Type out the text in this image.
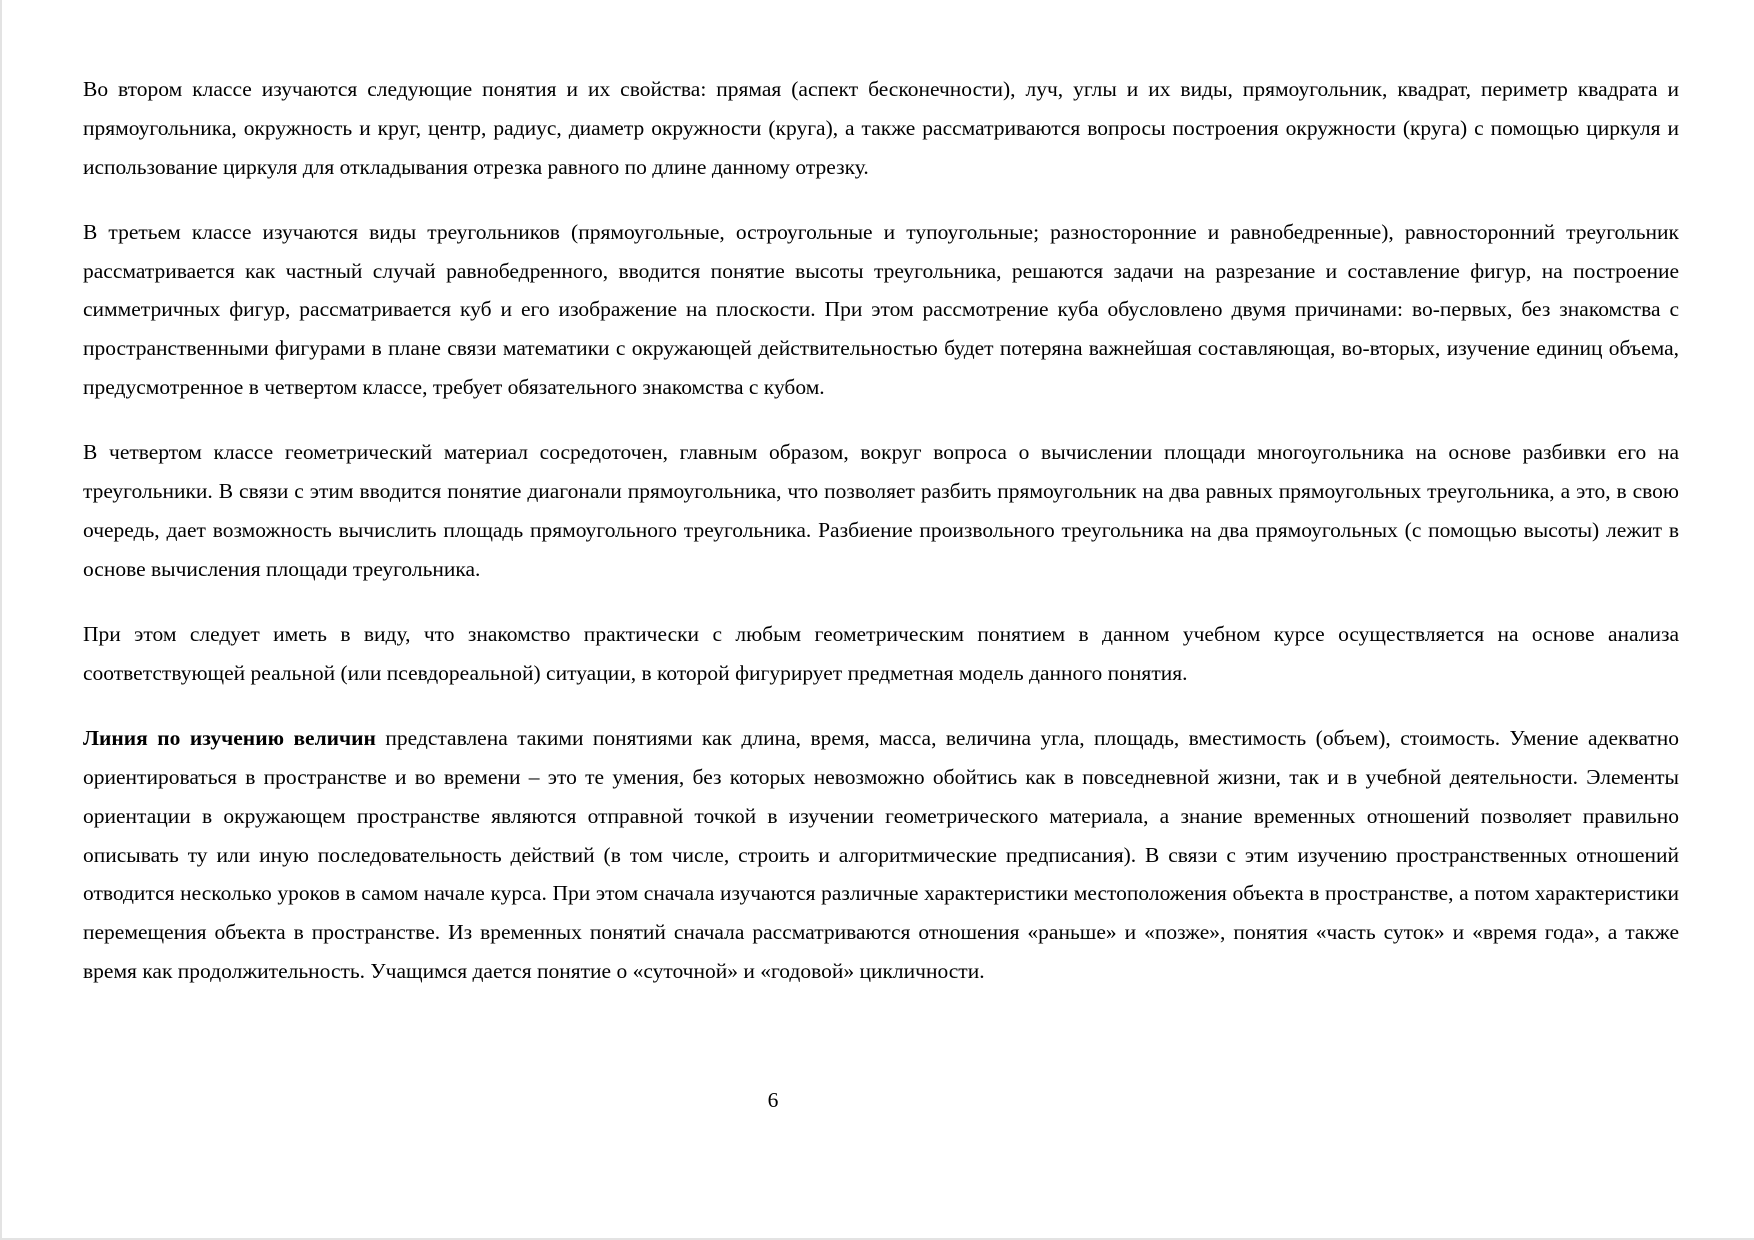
Во втором классе изучаются следующие понятия и их свойства: прямая (аспект бесконечности), луч, углы и их виды, прямоугольник, квадрат, периметр квадрата и прямоугольника, окружность и круг, центр, радиус, диаметр окружности (круга), а также рассматриваются вопросы построения окружности (круга) с помощью циркуля и использование циркуля для откладывания отрезка равного по длине данному отрезку.

В третьем классе изучаются виды треугольников (прямоугольные, остроугольные и тупоугольные; разносторонние и равнобедренные), равносторонний треугольник рассматривается как частный случай равнобедренного, вводится понятие высоты треугольника, решаются задачи на разрезание и составление фигур, на построение симметричных фигур, рассматривается куб и его изображение на плоскости. При этом рассмотрение куба обусловлено двумя причинами: во-первых, без знакомства с пространственными фигурами в плане связи математики с окружающей действительностью будет потеряна важнейшая составляющая, во-вторых, изучение единиц объема, предусмотренное в четвертом классе, требует обязательного знакомства с кубом.

В четвертом классе геометрический материал сосредоточен, главным образом, вокруг вопроса о вычислении площади многоугольника на основе разбивки его на треугольники. В связи с этим вводится понятие диагонали прямоугольника, что позволяет разбить прямоугольник на два равных прямоугольных треугольника, а это, в свою очередь, дает возможность вычислить площадь прямоугольного треугольника. Разбиение произвольного треугольника на два прямоугольных (с помощью высоты) лежит в основе вычисления площади треугольника.

При этом следует иметь в виду, что знакомство практически с любым геометрическим понятием в данном учебном курсе осуществляется на основе анализа соответствующей реальной (или псевдореальной) ситуации, в которой фигурирует предметная модель данного понятия.

Линия по изучению величин представлена такими понятиями как длина, время, масса, величина угла, площадь, вместимость (объем), стоимость. Умение адекватно ориентироваться в пространстве и во времени – это те умения, без которых невозможно обойтись как в повседневной жизни, так и в учебной деятельности. Элементы ориентации в окружающем пространстве являются отправной точкой в изучении геометрического материала, а знание временных отношений позволяет правильно описывать ту или иную последовательность действий (в том числе, строить и алгоритмические предписания). В связи с этим изучению пространственных отношений отводится несколько уроков в самом начале курса. При этом сначала изучаются различные характеристики местоположения объекта в пространстве, а потом характеристики перемещения объекта в пространстве. Из временных понятий сначала рассматриваются отношения «раньше» и «позже», понятия «часть суток» и «время года», а также время как продолжительность. Учащимся дается понятие о «суточной» и «годовой» цикличности.

6
